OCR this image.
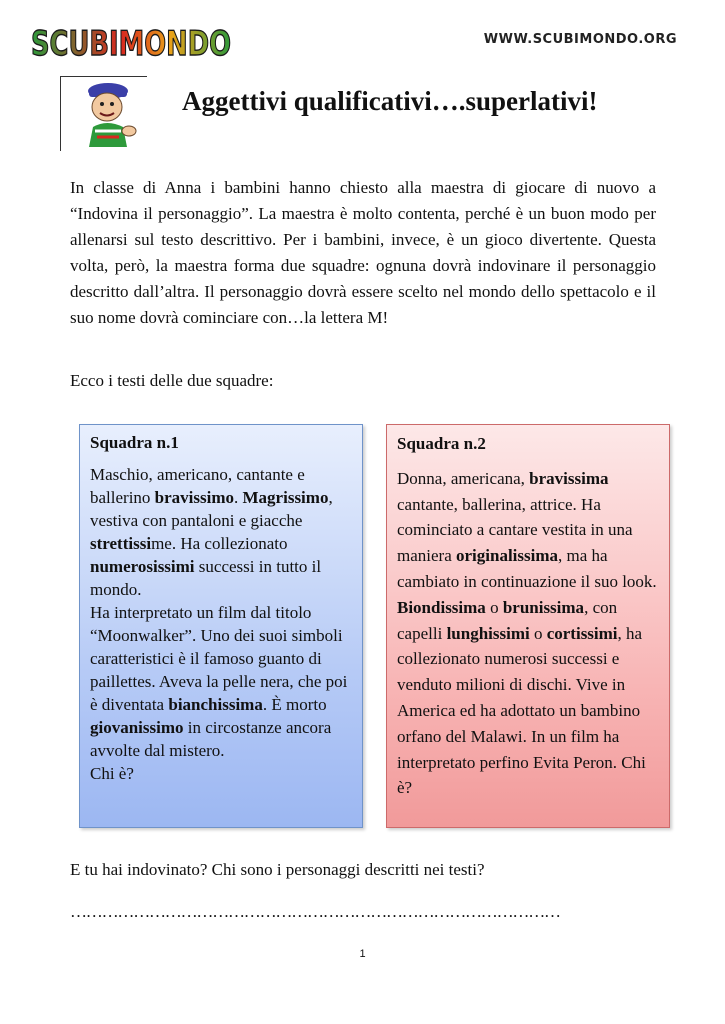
SCUBIMONDO	WWW.SCUBIMONDO.ORG
Aggettivi qualificativi….superlativi!

In classe di Anna i bambini hanno chiesto alla maestra di giocare di nuovo a “Indovina il personaggio”. La maestra è molto contenta, perché è un buon modo per allenarsi sul testo descrittivo. Per i bambini, invece, è un gioco divertente. Questa volta, però, la maestra forma due squadre: ognuna dovrà indovinare il personaggio descritto dall’altra. Il personaggio dovrà essere scelto nel mondo dello spettacolo e il suo nome dovrà cominciare con…la lettera M!

Ecco i testi delle due squadre:

Squadra n.1

Maschio, americano, cantante e ballerino bravissimo. Magrissimo, vestiva con pantaloni e giacche strettissime. Ha collezionato numerosissimi successi in tutto il mondo.
Ha interpretato un film dal titolo “Moonwalker”. Uno dei suoi simboli caratteristici è il famoso guanto di paillettes. Aveva la pelle nera, che poi è diventata bianchissima. È morto giovanissimo in circostanze ancora avvolte dal mistero.
Chi è?

Squadra n.2

Donna, americana, bravissima cantante, ballerina, attrice. Ha cominciato a cantare vestita in una maniera originalissima, ma ha cambiato in continuazione il suo look. Biondissima o brunissima, con capelli lunghissimi o cortissimi, ha collezionato numerosi successi e venduto milioni di dischi. Vive in America ed ha adottato un bambino orfano del Malawi. In un film ha interpretato perfino Evita Peron. Chi è?

E tu hai indovinato? Chi sono i personaggi descritti nei testi?

…………………………………………………………………………………

1
